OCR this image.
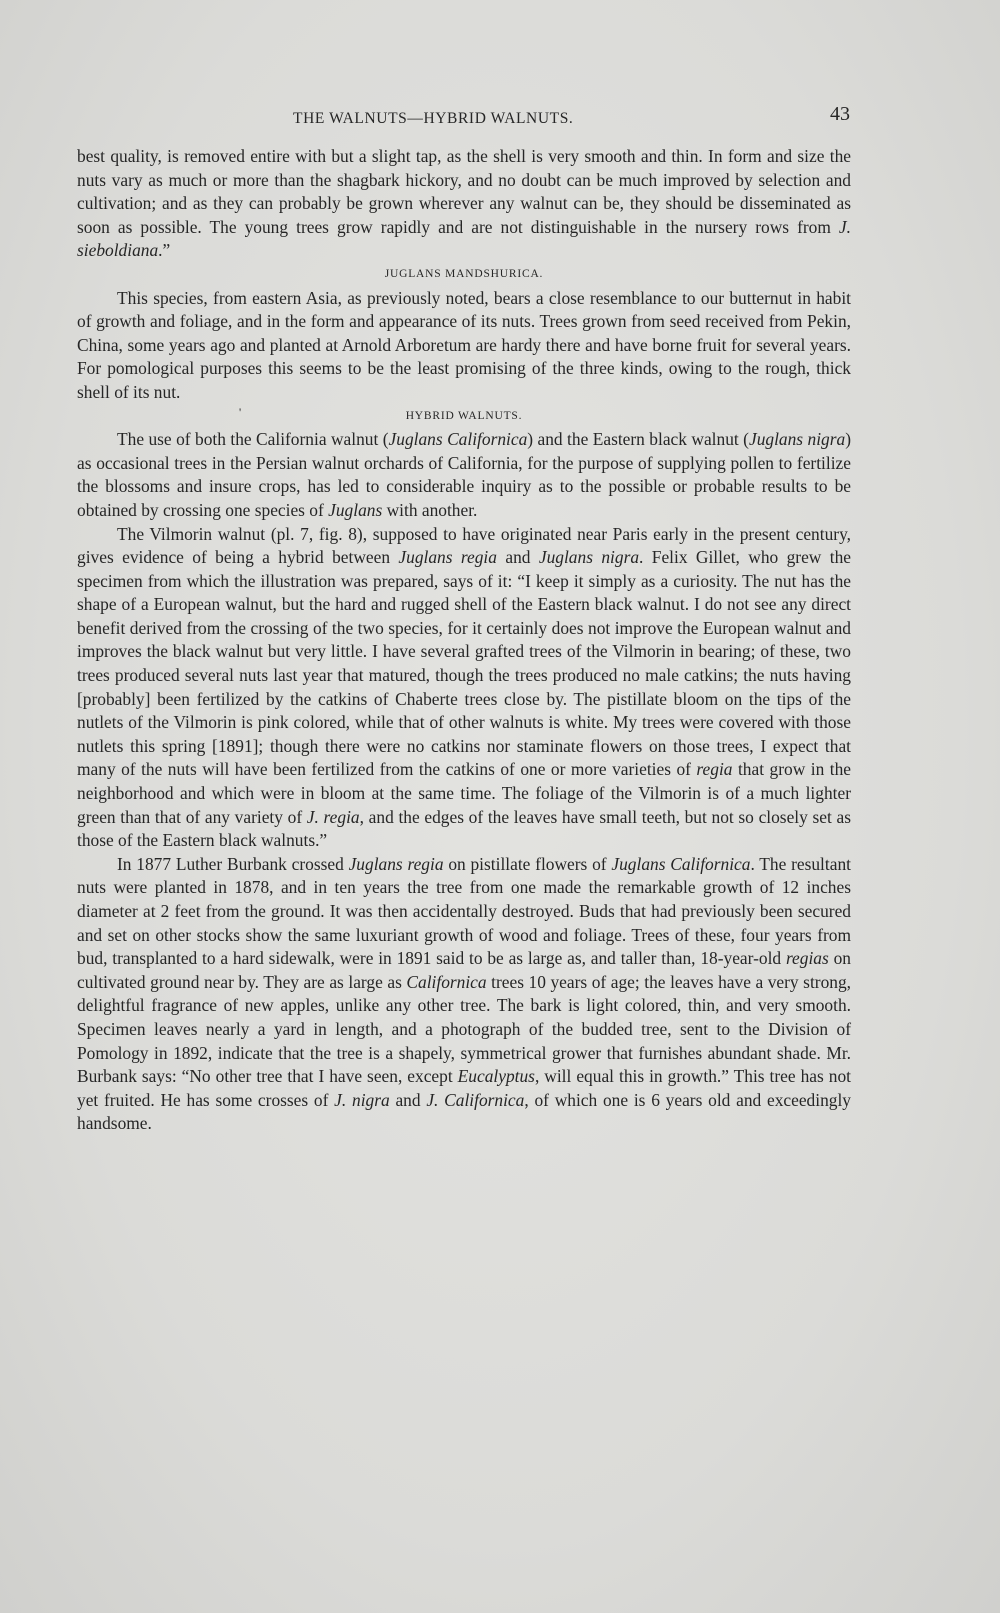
THE WALNUTS—HYBRID WALNUTS.	43

best quality, is removed entire with but a slight tap, as the shell is very smooth and thin. In form and size the nuts vary as much or more than the shagbark hickory, and no doubt can be much improved by selection and cultivation; and as they can probably be grown wherever any walnut can be, they should be disseminated as soon as possible. The young trees grow rapidly and are not distinguishable in the nursery rows from J. sieboldiana.”

JUGLANS MANDSHURICA.

This species, from eastern Asia, as previously noted, bears a close resemblance to our butternut in habit of growth and foliage, and in the form and appearance of its nuts. Trees grown from seed received from Pekin, China, some years ago and planted at Arnold Arboretum are hardy there and have borne fruit for several years. For pomological purposes this seems to be the least promising of the three kinds, owing to the rough, thick shell of its nut.

'	HYBRID WALNUTS.

The use of both the California walnut (Juglans Californica) and the Eastern black walnut (Juglans nigra) as occasional trees in the Persian walnut orchards of California, for the purpose of supplying pollen to fertilize the blossoms and insure crops, has led to considerable inquiry as to the possible or probable results to be obtained by crossing one species of Juglans with another.

The Vilmorin walnut (pl. 7, fig. 8), supposed to have originated near Paris early in the present century, gives evidence of being a hybrid between Juglans regia and Juglans nigra. Felix Gillet, who grew the specimen from which the illustration was prepared, says of it: “I keep it simply as a curiosity. The nut has the shape of a European walnut, but the hard and rugged shell of the Eastern black walnut. I do not see any direct benefit derived from the crossing of the two species, for it certainly does not improve the European walnut and improves the black walnut but very little. I have several grafted trees of the Vilmorin in bearing; of these, two trees produced several nuts last year that matured, though the trees produced no male catkins; the nuts having [probably] been fertilized by the catkins of Chaberte trees close by. The pistillate bloom on the tips of the nutlets of the Vilmorin is pink colored, while that of other walnuts is white. My trees were covered with those nutlets this spring [1891]; though there were no catkins nor staminate flowers on those trees, I expect that many of the nuts will have been fertilized from the catkins of one or more varieties of regia that grow in the neighborhood and which were in bloom at the same time. The foliage of the Vilmorin is of a much lighter green than that of any variety of J. regia, and the edges of the leaves have small teeth, but not so closely set as those of the Eastern black walnuts.”

In 1877 Luther Burbank crossed Juglans regia on pistillate flowers of Juglans Californica. The resultant nuts were planted in 1878, and in ten years the tree from one made the remarkable growth of 12 inches diameter at 2 feet from the ground. It was then accidentally destroyed. Buds that had previously been secured and set on other stocks show the same luxuriant growth of wood and foliage. Trees of these, four years from bud, transplanted to a hard sidewalk, were in 1891 said to be as large as, and taller than, 18-year-old regias on cultivated ground near by. They are as large as Californica trees 10 years of age; the leaves have a very strong, delightful fragrance of new apples, unlike any other tree. The bark is light colored, thin, and very smooth. Specimen leaves nearly a yard in length, and a photograph of the budded tree, sent to the Division of Pomology in 1892, indicate that the tree is a shapely, symmetrical grower that furnishes abundant shade. Mr. Burbank says: “No other tree that I have seen, except Eucalyptus, will equal this in growth.” This tree has not yet fruited. He has some crosses of J. nigra and J. Californica, of which one is 6 years old and exceedingly handsome.
